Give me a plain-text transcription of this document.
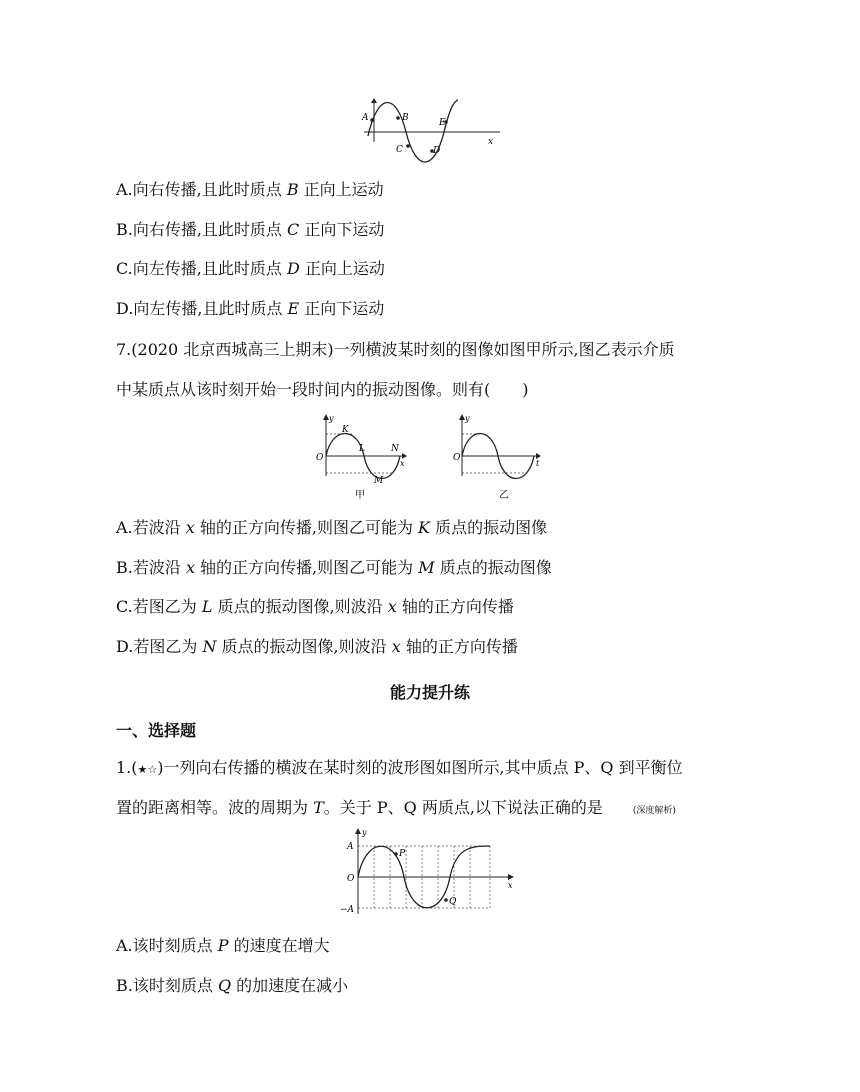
A	B
C	D
E
x
A.向右传播,且此时质点 B 正向上运动
B.向右传播,且此时质点 C 正向下运动
C.向左传播,且此时质点 D 正向上运动
D.向左传播,且此时质点 E 正向下运动
7.(2020 北京西城高三上期末)一列横波某时刻的图像如图甲所示,图乙表示介质
中某质点从该时刻开始一段时间内的振动图像。则有(　　)
y
O
K
L	N
M
x
甲
y
O
t
乙
A.若波沿 x 轴的正方向传播,则图乙可能为 K 质点的振动图像
B.若波沿 x 轴的正方向传播,则图乙可能为 M 质点的振动图像
C.若图乙为 L 质点的振动图像,则波沿 x 轴的正方向传播
D.若图乙为 N 质点的振动图像,则波沿 x 轴的正方向传播
能力提升练
一、选择题
1.(★☆)一列向右传播的横波在某时刻的波形图如图所示,其中质点 P、Q 到平衡位
置的距离相等。波的周期为 T。关于 P、Q 两质点,以下说法正确的是	(深度解析)
y
A
O
−A
x
P
Q
A.该时刻质点 P 的速度在增大
B.该时刻质点 Q 的加速度在减小
